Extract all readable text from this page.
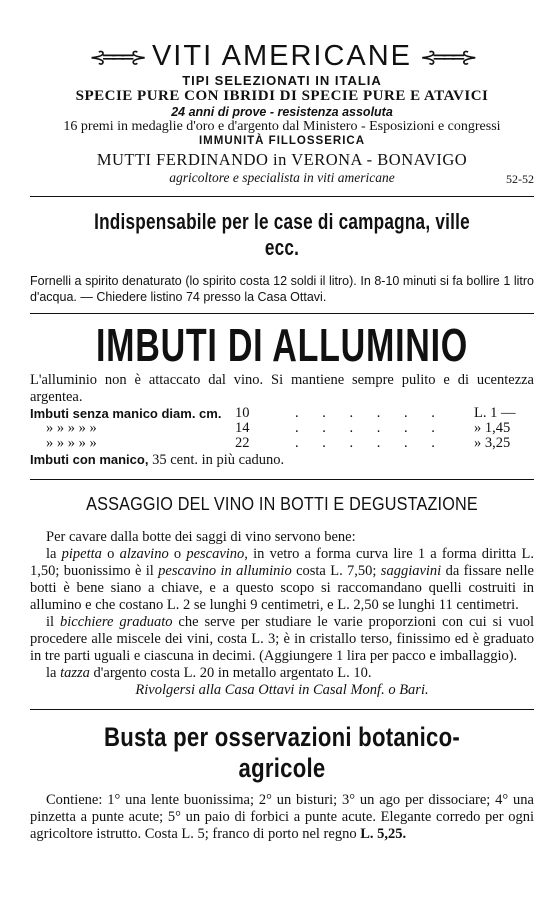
⊰═══⊱ VITI AMERICANE ⊰═══⊱
TIPI SELEZIONATI IN ITALIA
SPECIE PURE CON IBRIDI DI SPECIE PURE E ATAVICI
24 anni di prove - resistenza assoluta
16 premi in medaglie d'oro e d'argento dal Ministero - Esposizioni e congressi
IMMUNITÀ FILLOSSERICA
MUTTI FERDINANDO in VERONA - BONAVIGO
agricoltore e specialista in viti americane	52-52
Indispensabile per le case di campagna, ville ecc.
Fornelli a spirito denaturato (lo spirito costa 12 soldi il litro). In 8-10 minuti si fa bollire 1 litro d'acqua. — Chiedere listino 74 presso la Casa Ottavi.
IMBUTI DI ALLUMINIO
L'alluminio non è attaccato dal vino. Si mantiene sempre pulito e di ucentezza argentea.
Imbuti senza manico diam. cm. 10	. . . . . .	L. 1 —
» » » » »	14	. . . . . .	» 1,45
» » » » »	22	. . . . . .	» 3,25
Imbuti con manico, 35 cent. in più caduno.
ASSAGGIO DEL VINO IN BOTTI E DEGUSTAZIONE
Per cavare dalla botte dei saggi di vino servono bene:
la pipetta o alzavino o pescavino, in vetro a forma curva lire 1 a forma diritta L. 1,50; buonissimo è il pescavino in alluminio costa L. 7,50; saggiavini da fissare nelle botti è bene siano a chiave, e a questo scopo si raccomandano quelli costruiti in allumino e che costano L. 2 se lunghi 9 centimetri, e L. 2,50 se lunghi 11 centimetri.
il bicchiere graduato che serve per studiare le varie proporzioni con cui si vuol procedere alle miscele dei vini, costa L. 3; è in cristallo terso, finissimo ed è graduato in tre parti uguali e ciascuna in decimi. (Aggiungere 1 lira per pacco e imballaggio).
la tazza d'argento costa L. 20 in metallo argentato L. 10.
Rivolgersi alla Casa Ottavi in Casal Monf. o Bari.
Busta per osservazioni botanico-agricole
Contiene: 1° una lente buonissima; 2° un bisturi; 3° un ago per dissociare; 4° una pinzetta a punte acute; 5° un paio di forbici a punte acute. Elegante corredo per ogni agricoltore istrutto. Costa L. 5; franco di porto nel regno L. 5,25.
